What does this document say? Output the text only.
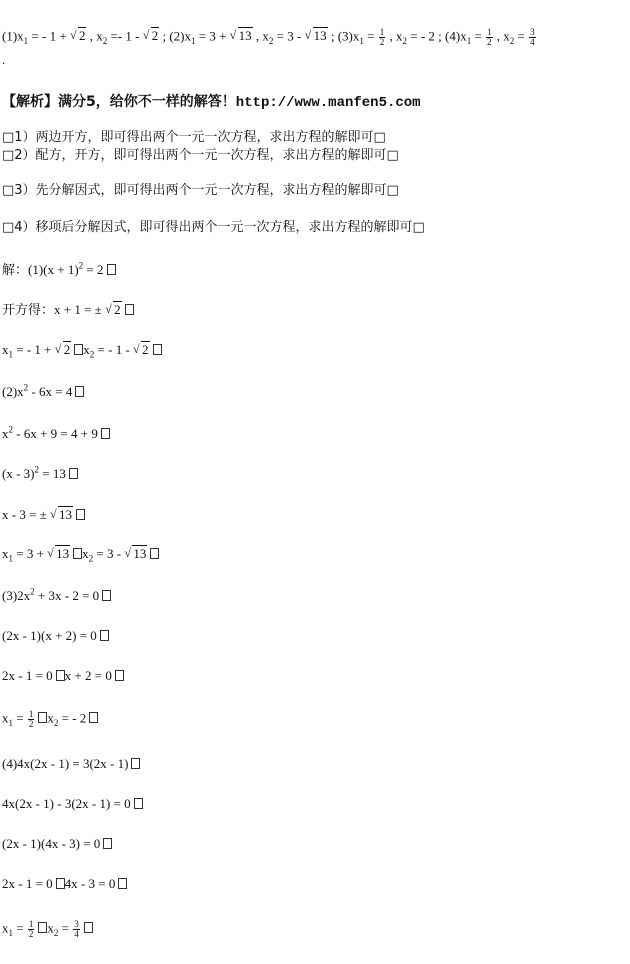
$(1)x_1$ = - 1 + √ 2 , $x_2 =- 1$ - √ 2 ; $(2)x_1 = 3$ + √ 13 , $x_2 = 3$ - √ 13 ; $(3)x_1 = \frac{1}{2}$ , $x_2$ = - 2 ; $(4)x_1 = \frac{1}{2}$ , $x_2 = \frac{3}{4}$
.
【解析】满分5，给你不一样的解答！http://www.manfen5.com
□1）两边开方，即可得出两个一元一次方程，求出方程的解即可□
□2）配方，开方，即可得出两个一元一次方程，求出方程的解即可□
□3）先分解因式，即可得出两个一元一次方程，求出方程的解即可□
□4）移项后分解因式，即可得出两个一元一次方程，求出方程的解即可□
解：$(1)(x + 1)^2 = 2$
开方得：x + 1 = ± √ 2
$x_1$ = - 1 + √ 2 $x_2$ = - 1 - √ 2
$(2)x^2 - 6x = 4$
$x^2 - 6x + 9 = 4 + 9$
(x - 3)$^2$ = 13
x - 3 = ± √ 13
$x_1 = 3$ + √ 13 $x_2 = 3$ - √ 13
$(3)2x^2 + 3x - 2 = 0$
(2x - 1)(x + 2) = 0
2x - 1 = 0 x + 2 = 0
$x_1 = \frac{1}{2} x_2$ = - 2
(4)4x(2x - 1) = 3(2x - 1)
4x(2x - 1) - 3(2x - 1) = 0
(2x - 1)(4x - 3) = 0
2x - 1 = 0 4x - 3 = 0
$x_1 = \frac{1}{2} x_2 = \frac{3}{4}$
